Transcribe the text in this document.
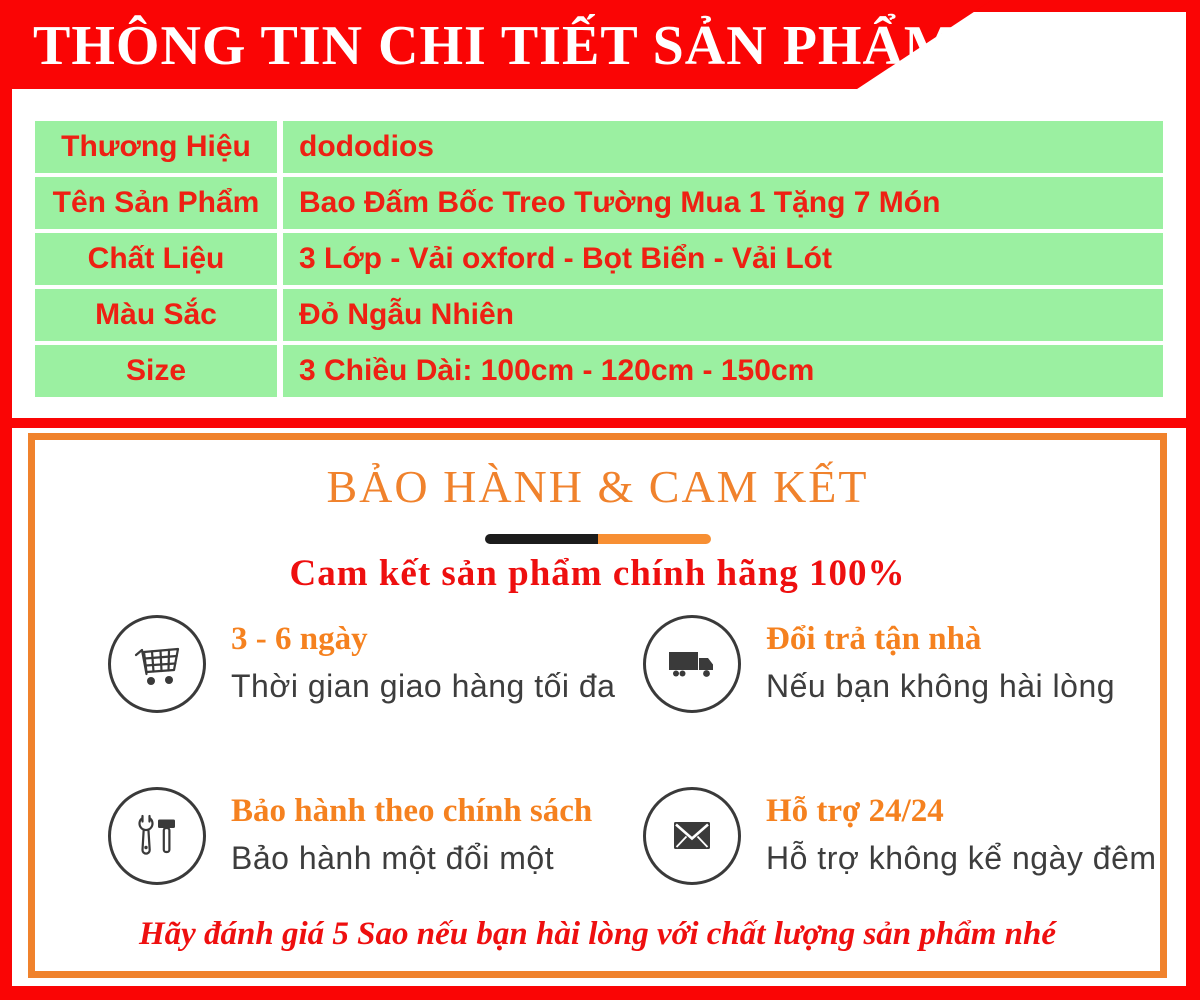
THÔNG TIN CHI TIẾT SẢN PHẨM
Thương Hiệu	dododios
Tên Sản Phẩm	Bao Đấm Bốc Treo Tường Mua 1 Tặng 7 Món
Chất Liệu	3 Lớp - Vải oxford - Bọt Biển - Vải Lót
Màu Sắc	Đỏ Ngẫu Nhiên
Size	3 Chiều Dài: 100cm - 120cm - 150cm
BẢO HÀNH & CAM KẾT
Cam kết sản phẩm chính hãng 100%
3 - 6 ngày
Thời gian giao hàng tối đa
Đổi trả tận nhà
Nếu bạn không hài lòng
Bảo hành theo chính sách
Bảo hành một đổi một
Hỗ trợ 24/24
Hỗ trợ không kể ngày đêm
Hãy đánh giá 5 Sao nếu bạn hài lòng với chất lượng sản phẩm nhé
